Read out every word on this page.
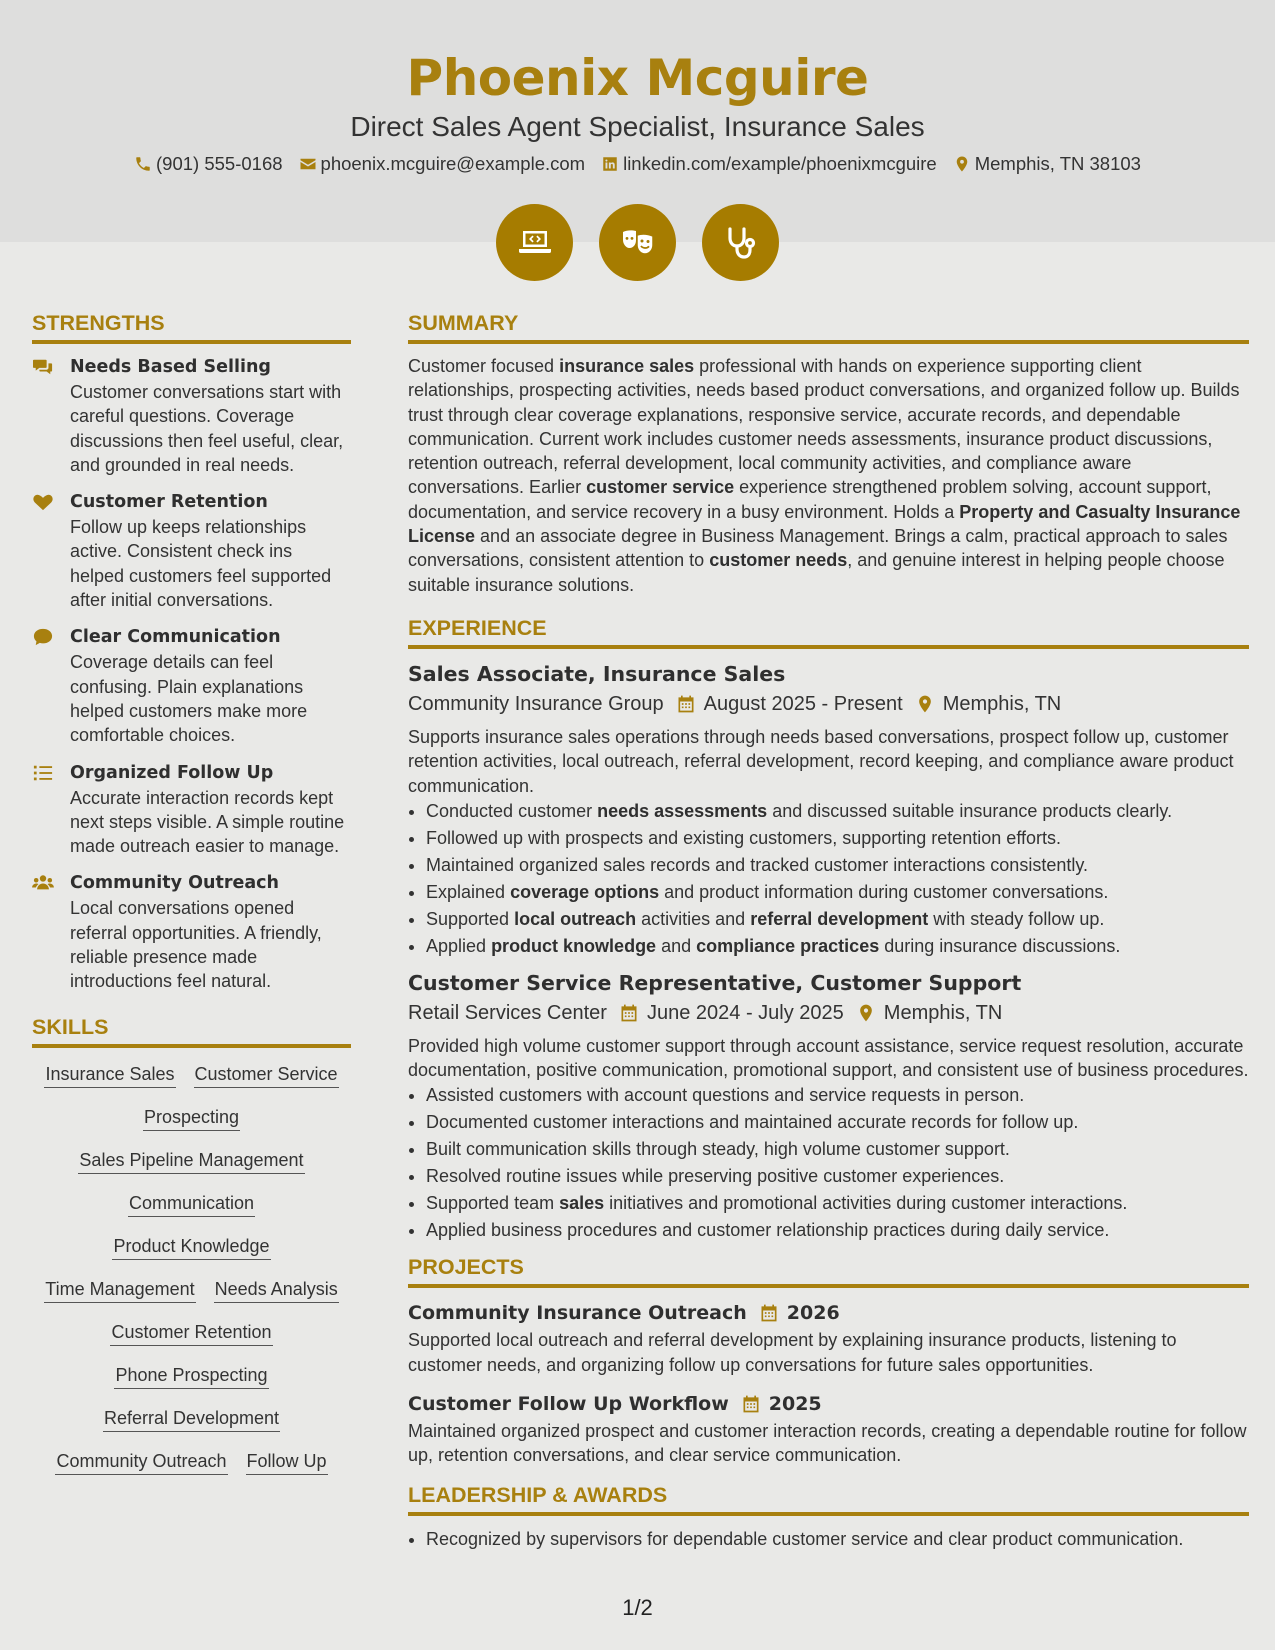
Phoenix Mcguire
Direct Sales Agent Specialist, Insurance Sales
(901) 555-0168 phoenix.mcguire@example.com linkedin.com/example/phoenixmcguire Memphis, TN 38103
STRENGTHS
Needs Based Selling
Customer conversations start with careful questions. Coverage discussions then feel useful, clear, and grounded in real needs.
Customer Retention
Follow up keeps relationships active. Consistent check ins helped customers feel supported after initial conversations.
Clear Communication
Coverage details can feel confusing. Plain explanations helped customers make more comfortable choices.
Organized Follow Up
Accurate interaction records kept next steps visible. A simple routine made outreach easier to manage.
Community Outreach
Local conversations opened referral opportunities. A friendly, reliable presence made introductions feel natural.
SKILLS
Insurance Sales Customer Service
Prospecting
Sales Pipeline Management
Communication
Product Knowledge
Time Management Needs Analysis
Customer Retention
Phone Prospecting
Referral Development
Community Outreach Follow Up
SUMMARY

Customer focused insurance sales professional with hands on experience supporting client relationships, prospecting activities, needs based product conversations, and organized follow up. Builds trust through clear coverage explanations, responsive service, accurate records, and dependable communication. Current work includes customer needs assessments, insurance product discussions, retention outreach, referral development, local community activities, and compliance aware conversations. Earlier customer service experience strengthened problem solving, account support, documentation, and service recovery in a busy environment. Holds a Property and Casualty Insurance License and an associate degree in Business Management. Brings a calm, practical approach to sales conversations, consistent attention to customer needs, and genuine interest in helping people choose suitable insurance solutions.

EXPERIENCE
Sales Associate, Insurance Sales
Community Insurance Group August 2025 - Present Memphis, TN

Supports insurance sales operations through needs based conversations, prospect follow up, customer retention activities, local outreach, referral development, record keeping, and compliance aware product communication.

• Conducted customer needs assessments and discussed suitable insurance products clearly.
• Followed up with prospects and existing customers, supporting retention efforts.
• Maintained organized sales records and tracked customer interactions consistently.
• Explained coverage options and product information during customer conversations.
• Supported local outreach activities and referral development with steady follow up.
• Applied product knowledge and compliance practices during insurance discussions.
Customer Service Representative, Customer Support
Retail Services Center June 2024 - July 2025 Memphis, TN

Provided high volume customer support through account assistance, service request resolution, accurate documentation, positive communication, promotional support, and consistent use of business procedures.

• Assisted customers with account questions and service requests in person.
• Documented customer interactions and maintained accurate records for follow up.
• Built communication skills through steady, high volume customer support.
• Resolved routine issues while preserving positive customer experiences.
• Supported team sales initiatives and promotional activities during customer interactions.
• Applied business procedures and customer relationship practices during daily service.
PROJECTS
Community Insurance Outreach 2026

Supported local outreach and referral development by explaining insurance products, listening to customer needs, and organizing follow up conversations for future sales opportunities.

Customer Follow Up Workflow 2025

Maintained organized prospect and customer interaction records, creating a dependable routine for follow up, retention conversations, and clear service communication.

LEADERSHIP & AWARDS
• Recognized by supervisors for dependable customer service and clear product communication.
1/2
